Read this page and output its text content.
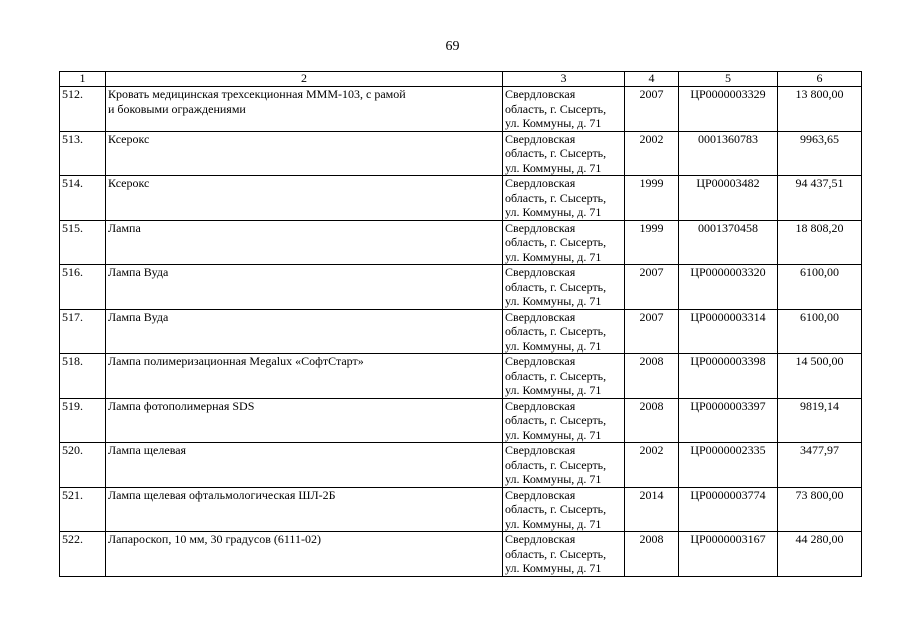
69
1	2	3	4	5	6
512.	Кровать медицинская трехсекционная МММ-103, с рамой
и боковыми ограждениями	Свердловская
область, г. Сысерть,
ул. Коммуны, д. 71	2007	ЦР0000003329	13 800,00
513.	Ксерокс	Свердловская
область, г. Сысерть,
ул. Коммуны, д. 71	2002	0001360783	9963,65
514.	Ксерокс	Свердловская
область, г. Сысерть,
ул. Коммуны, д. 71	1999	ЦР00003482	94 437,51
515.	Лампа	Свердловская
область, г. Сысерть,
ул. Коммуны, д. 71	1999	0001370458	18 808,20
516.	Лампа Вуда	Свердловская
область, г. Сысерть,
ул. Коммуны, д. 71	2007	ЦР0000003320	6100,00
517.	Лампа Вуда	Свердловская
область, г. Сысерть,
ул. Коммуны, д. 71	2007	ЦР0000003314	6100,00
518.	Лампа полимеризационная Megalux «СофтСтарт»	Свердловская
область, г. Сысерть,
ул. Коммуны, д. 71	2008	ЦР0000003398	14 500,00
519.	Лампа фотополимерная SDS	Свердловская
область, г. Сысерть,
ул. Коммуны, д. 71	2008	ЦР0000003397	9819,14
520.	Лампа щелевая	Свердловская
область, г. Сысерть,
ул. Коммуны, д. 71	2002	ЦР0000002335	3477,97
521.	Лампа щелевая офтальмологическая ШЛ-2Б	Свердловская
область, г. Сысерть,
ул. Коммуны, д. 71	2014	ЦР0000003774	73 800,00
522.	Лапароскоп, 10 мм, 30 градусов (6111-02)	Свердловская
область, г. Сысерть,
ул. Коммуны, д. 71	2008	ЦР0000003167	44 280,00
